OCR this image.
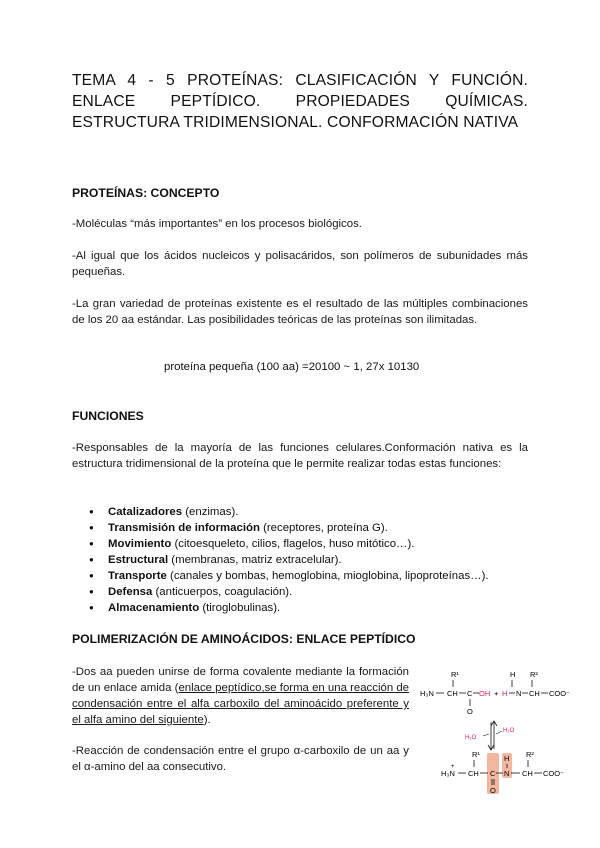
TEMA 4 - 5 PROTEÍNAS: CLASIFICACIÓN Y FUNCIÓN. ENLACE PEPTÍDICO. PROPIEDADES QUÍMICAS. ESTRUCTURA TRIDIMENSIONAL. CONFORMACIÓN NATIVA
PROTEÍNAS: CONCEPTO
-Moléculas “más importantes” en los procesos biológicos.
-Al igual que los ácidos nucleicos y polisacáridos, son polímeros de subunidades más pequeñas.
-La gran variedad de proteínas existente es el resultado de las múltiples combinaciones de los 20 aa estándar. Las posibilidades teóricas de las proteínas son ilimitadas.
proteína pequeña (100 aa) =20100 ~ 1, 27x 10130
FUNCIONES
-Responsables de la mayoría de las funciones celulares.Conformación nativa es la estructura tridimensional de la proteína que le permite realizar todas estas funciones:
● Catalizadores (enzimas).
● Transmisión de información (receptores, proteína G).
● Movimiento (citoesqueleto, cilios, flagelos, huso mitótico…).
● Estructural (membranas, matriz extracelular).
● Transporte (canales y bombas, hemoglobina, mioglobina, lipoproteínas…).
● Defensa (anticuerpos, coagulación).
● Almacenamiento (tiroglobulinas).
POLIMERIZACIÓN DE AMINOÁCIDOS: ENLACE PEPTÍDICO
-Dos aa pueden unirse de forma covalente mediante la formación de un enlace amida (enlace peptídico,se forma en una reacción de condensación entre el alfa carboxilo del aminoácido preferente y el alfa amino del siguiente).
-Reacción de condensación entre el grupo α-carboxilo de un aa y el α-amino del aa consecutivo.
R¹	R²
H
H₃N CH C OH + H N CH COO⁻
O
H₂O
H₂O
R¹	H R²
H₃N
+
CH C N CH COO⁻
O
